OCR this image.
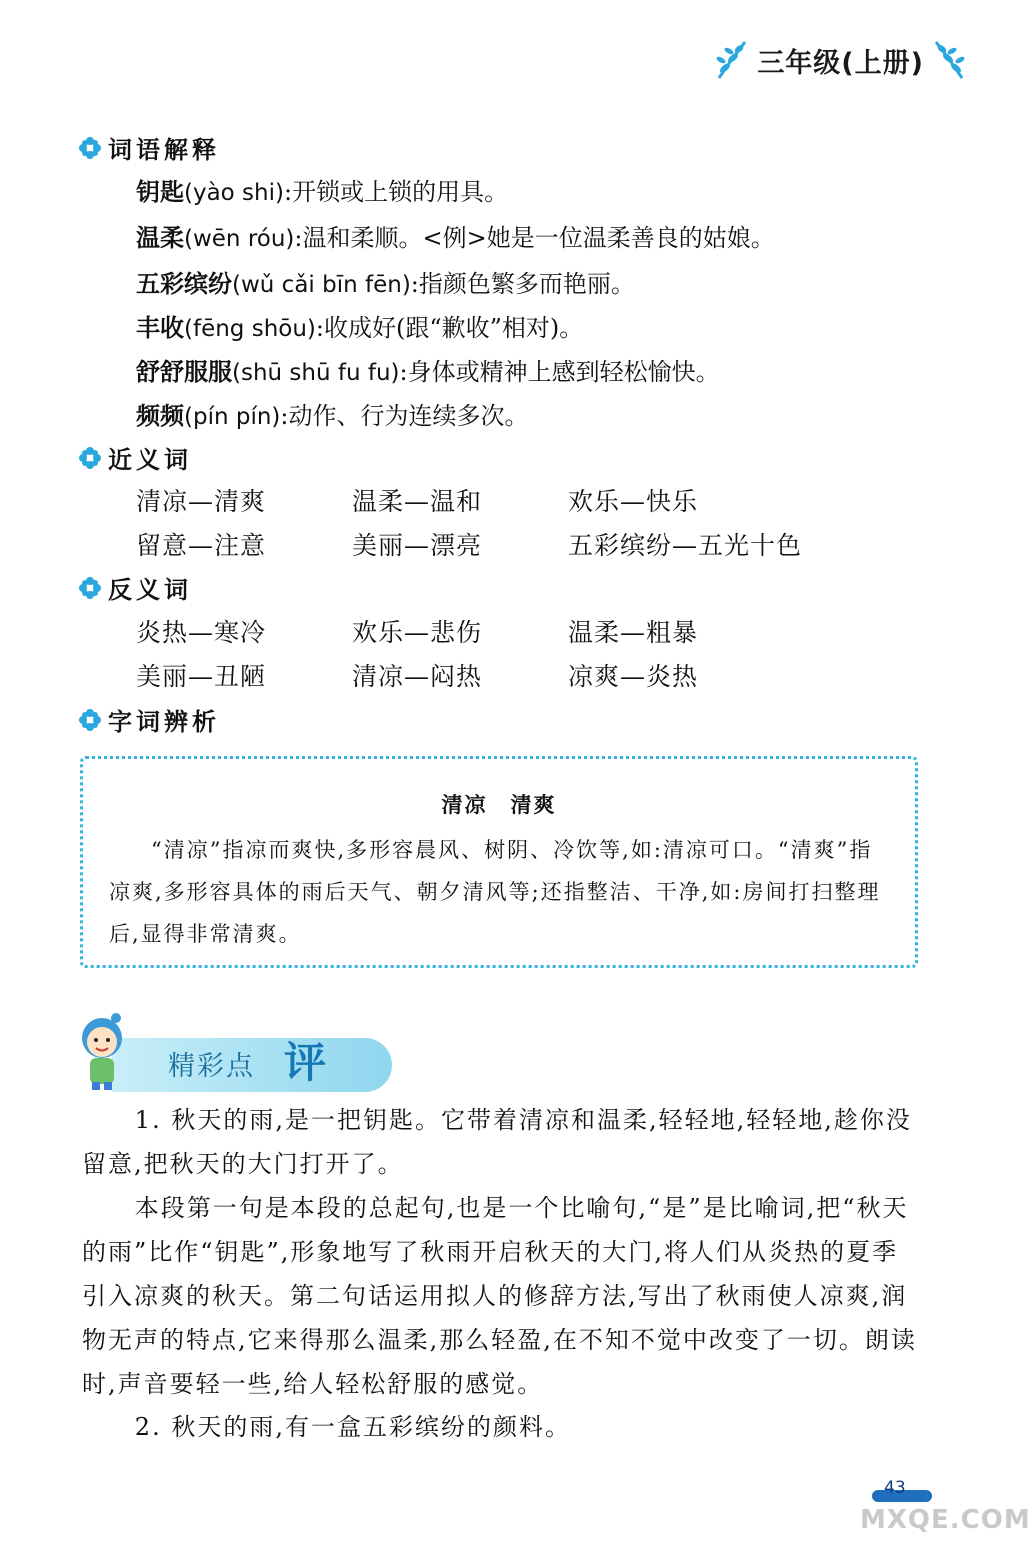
三年级(上册)
词语解释
钥匙(yào shi):开锁或上锁的用具。
温柔(wēn róu):温和柔顺。<例>她是一位温柔善良的姑娘。
五彩缤纷(wǔ cǎi bīn fēn):指颜色繁多而艳丽。
丰收(fēng shōu):收成好(跟“歉收”相对)。
舒舒服服(shū shū fu fu):身体或精神上感到轻松愉快。
频频(pín pín):动作、行为连续多次。
近义词
清凉—清爽	温柔—温和	欢乐—快乐
留意—注意	美丽—漂亮	五彩缤纷—五光十色
反义词
炎热—寒冷	欢乐—悲伤	温柔—粗暴
美丽—丑陋	清凉—闷热	凉爽—炎热
字词辨析
清凉　清爽
“清凉”指凉而爽快,多形容晨风、树阴、冷饮等,如:清凉可口。“清爽”指凉爽,多形容具体的雨后天气、朝夕清风等;还指整洁、干净,如:房间打扫整理后,显得非常清爽。
精彩点 评
1. 秋天的雨,是一把钥匙。它带着清凉和温柔,轻轻地,轻轻地,趁你没留意,把秋天的大门打开了。
本段第一句是本段的总起句,也是一个比喻句,“是”是比喻词,把“秋天的雨”比作“钥匙”,形象地写了秋雨开启秋天的大门,将人们从炎热的夏季引入凉爽的秋天。第二句话运用拟人的修辞方法,写出了秋雨使人凉爽,润物无声的特点,它来得那么温柔,那么轻盈,在不知不觉中改变了一切。朗读时,声音要轻一些,给人轻松舒服的感觉。
2. 秋天的雨,有一盒五彩缤纷的颜料。
43
MXQE.COM
